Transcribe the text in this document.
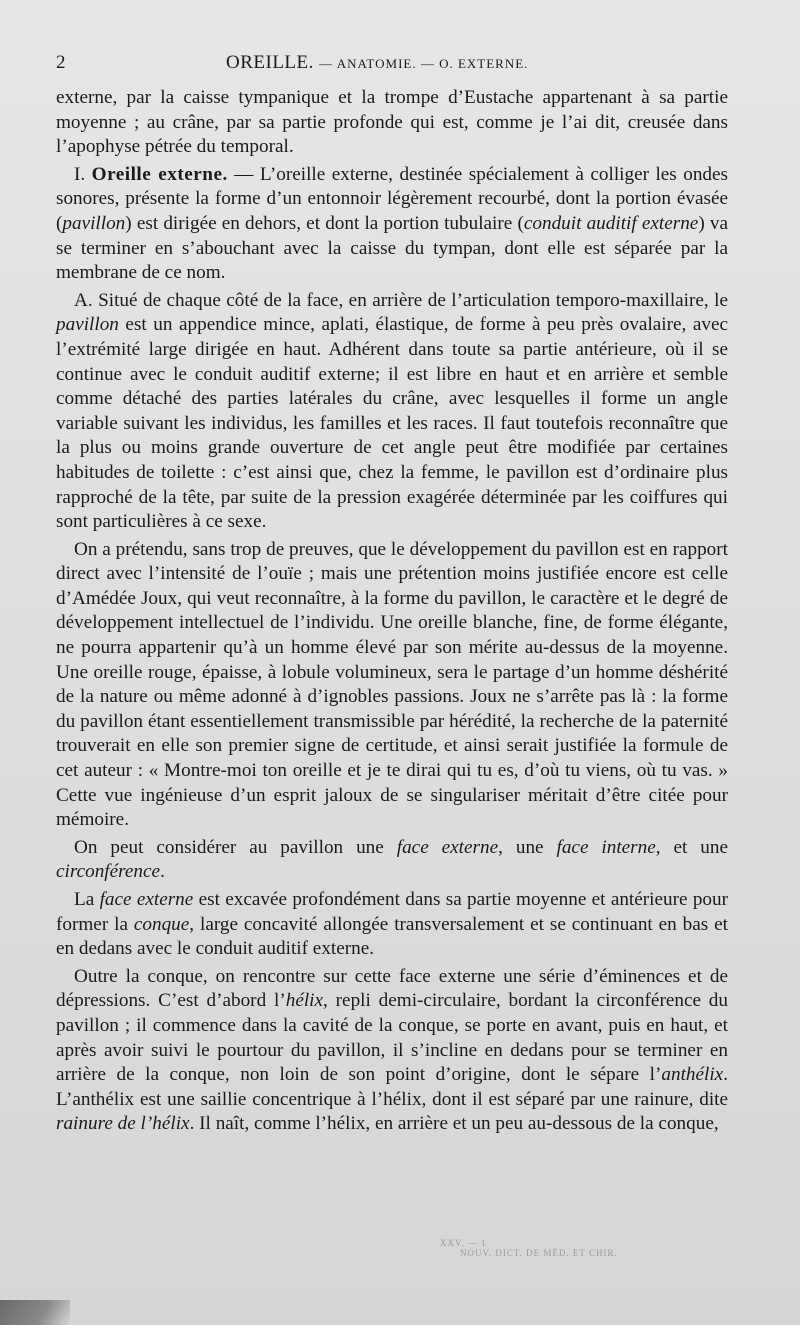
2	OREILLE. — ANATOMIE. — O. EXTERNE.

externe, par la caisse tympanique et la trompe d’Eustache appartenant à sa partie moyenne ; au crâne, par sa partie profonde qui est, comme je l’ai dit, creusée dans l’apophyse pétrée du temporal.

I. Oreille externe. — L’oreille externe, destinée spécialement à colliger les ondes sonores, présente la forme d’un entonnoir légèrement recourbé, dont la portion évasée (pavillon) est dirigée en dehors, et dont la portion tubulaire (conduit auditif externe) va se terminer en s’abouchant avec la caisse du tympan, dont elle est séparée par la membrane de ce nom.

A. Situé de chaque côté de la face, en arrière de l’articulation temporo-maxillaire, le pavillon est un appendice mince, aplati, élastique, de forme à peu près ovalaire, avec l’extrémité large dirigée en haut. Adhérent dans toute sa partie antérieure, où il se continue avec le conduit auditif externe; il est libre en haut et en arrière et semble comme détaché des parties latérales du crâne, avec lesquelles il forme un angle variable suivant les individus, les familles et les races. Il faut toutefois reconnaître que la plus ou moins grande ouverture de cet angle peut être modifiée par certaines habitudes de toilette : c’est ainsi que, chez la femme, le pavillon est d’ordinaire plus rapproché de la tête, par suite de la pression exagérée déterminée par les coiffures qui sont particulières à ce sexe.

On a prétendu, sans trop de preuves, que le développement du pavillon est en rapport direct avec l’intensité de l’ouïe ; mais une prétention moins justifiée encore est celle d’Amédée Joux, qui veut reconnaître, à la forme du pavillon, le caractère et le degré de développement intellectuel de l’individu. Une oreille blanche, fine, de forme élégante, ne pourra appartenir qu’à un homme élevé par son mérite au-dessus de la moyenne. Une oreille rouge, épaisse, à lobule volumineux, sera le partage d’un homme déshérité de la nature ou même adonné à d’ignobles passions. Joux ne s’arrête pas là : la forme du pavillon étant essentiellement transmissible par hérédité, la recherche de la paternité trouverait en elle son premier signe de certitude, et ainsi serait justifiée la formule de cet auteur : « Montre-moi ton oreille et je te dirai qui tu es, d’où tu viens, où tu vas. » Cette vue ingénieuse d’un esprit jaloux de se singulariser méritait d’être citée pour mémoire.

On peut considérer au pavillon une face externe, une face interne, et une circonférence.

La face externe est excavée profondément dans sa partie moyenne et antérieure pour former la conque, large concavité allongée transversalement et se continuant en bas et en dedans avec le conduit auditif externe.

Outre la conque, on rencontre sur cette face externe une série d’éminences et de dépressions. C’est d’abord l’hélix, repli demi-circulaire, bordant la circonférence du pavillon ; il commence dans la cavité de la conque, se porte en avant, puis en haut, et après avoir suivi le pourtour du pavillon, il s’incline en dedans pour se terminer en arrière de la conque, non loin de son point d’origine, dont le sépare l’anthélix. L’anthélix est une saillie concentrique à l’hélix, dont il est séparé par une rainure, dite rainure de l’hélix. Il naît, comme l’hélix, en arrière et un peu au-dessous de la conque,

XXV. — 1
NOUV. DICT. DE MÉD. ET CHIR.
